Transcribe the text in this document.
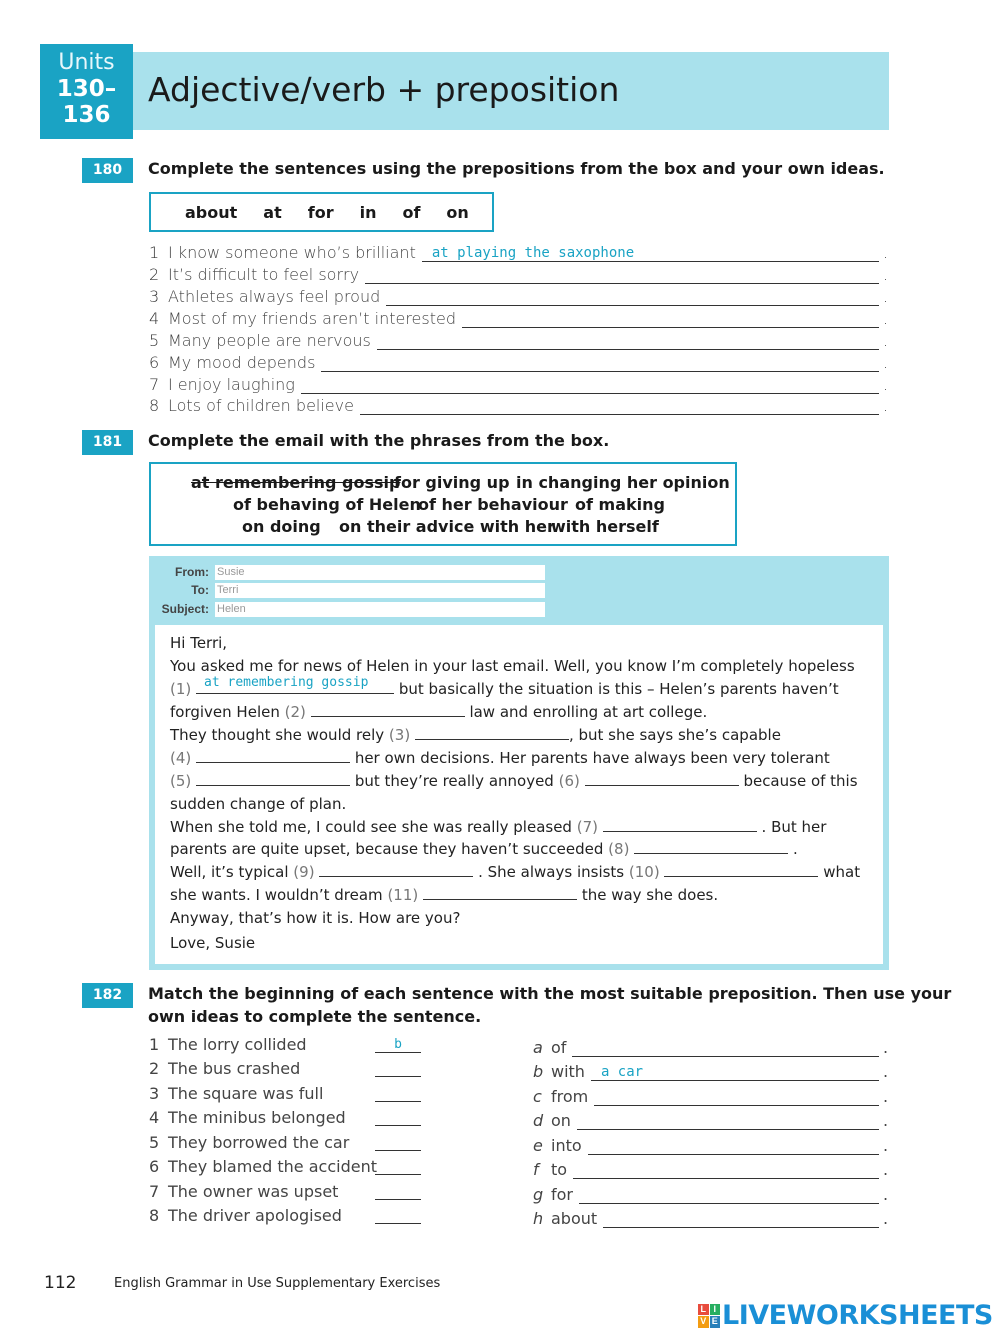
Units
130–
136
Adjective/verb + preposition
180	Complete the sentences using the prepositions from the box and your own ideas.
about at for in of on
1 I know someone who’s brilliant at playing the saxophone	.
2 It’s difficult to feel sorry	.
3 Athletes always feel proud	.
4 Most of my friends aren’t interested	.
5 Many people are nervous	.
6 My mood depends	.
7 I enjoy laughing	.
8 Lots of children believe	.
181	Complete the email with the phrases from the box.
at remembering gossip
for giving up in changing her opinion
of behaving of Helen
of her behaviour of making
on doing on their advice with her
with herself
From: Susie
To: Terri
Subject: Helen
Hi Terri,
You asked me for news of Helen in your last email. Well, you know I’m completely hopeless
(1) at remembering gossip but basically the situation is this – Helen’s parents haven’t
forgiven Helen (2)	law and enrolling at art college.
They thought she would rely (3)	, but she says she’s capable
(4)	her own decisions. Her parents have always been very tolerant
(5)	but they’re really annoyed (6)	because of this
sudden change of plan.
When she told me, I could see she was really pleased (7)	. But her
parents are quite upset, because they haven’t succeeded (8)	.
Well, it’s typical (9)	. She always insists (10)	what
she wants. I wouldn’t dream (11)	the way she does.
Anyway, that’s how it is. How are you?
Love, Susie
182	Match the beginning of each sentence with the most suitable preposition. Then use your
own ideas to complete the sentence.
1 The lorry collided	b
2 The bus crashed
3 The square was full
4 The minibus belonged
5 They borrowed the car
6 They blamed the accident
7 The owner was upset
8 The driver apologised
a of	.
b with a car	.
c from	.
d on	.
e into	.
f to	.
g for	.
h about	.
112	English Grammar in Use Supplementary Exercises
L I
V E LIVEWORKSHEETS
